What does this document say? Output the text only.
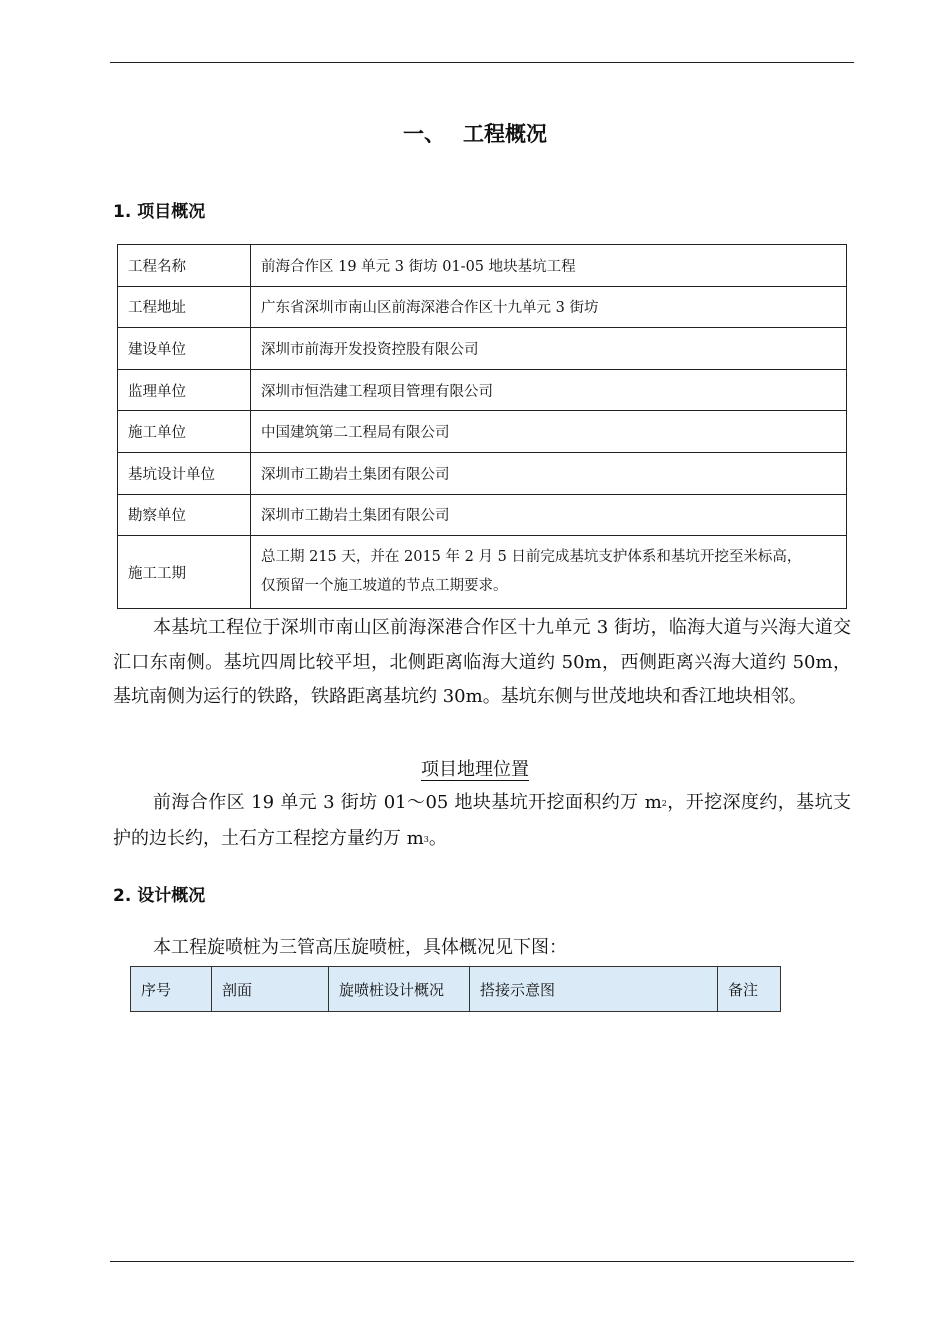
一、 工程概况
1. 项目概况
工程名称	前海合作区 19 单元 3 街坊 01-05 地块基坑工程
工程地址	广东省深圳市南山区前海深港合作区十九单元 3 街坊
建设单位	深圳市前海开发投资控股有限公司
监理单位	深圳市恒浩建工程项目管理有限公司
施工单位	中国建筑第二工程局有限公司
基坑设计单位	深圳市工勘岩土集团有限公司
勘察单位	深圳市工勘岩土集团有限公司
施工工期	总工期 215 天，并在 2015 年 2 月 5 日前完成基坑支护体系和基坑开挖至米标高，
仅预留一个施工坡道的节点工期要求。

本基坑工程位于深圳市南山区前海深港合作区十九单元 3 街坊，临海大道与兴海大道交汇口东南侧。基坑四周比较平坦，北侧距离临海大道约 50m，西侧距离兴海大道约 50m，基坑南侧为运行的铁路，铁路距离基坑约 30m。基坑东侧与世茂地块和香江地块相邻。

项目地理位置

前海合作区 19 单元 3 街坊 01～05 地块基坑开挖面积约万 $m^2$，开挖深度约，基坑支护的边长约，土石方工程挖方量约万 $m^3$。

2. 设计概况

本工程旋喷桩为三管高压旋喷桩，具体概况见下图：

序号	剖面	旋喷桩设计概况	搭接示意图	备注
